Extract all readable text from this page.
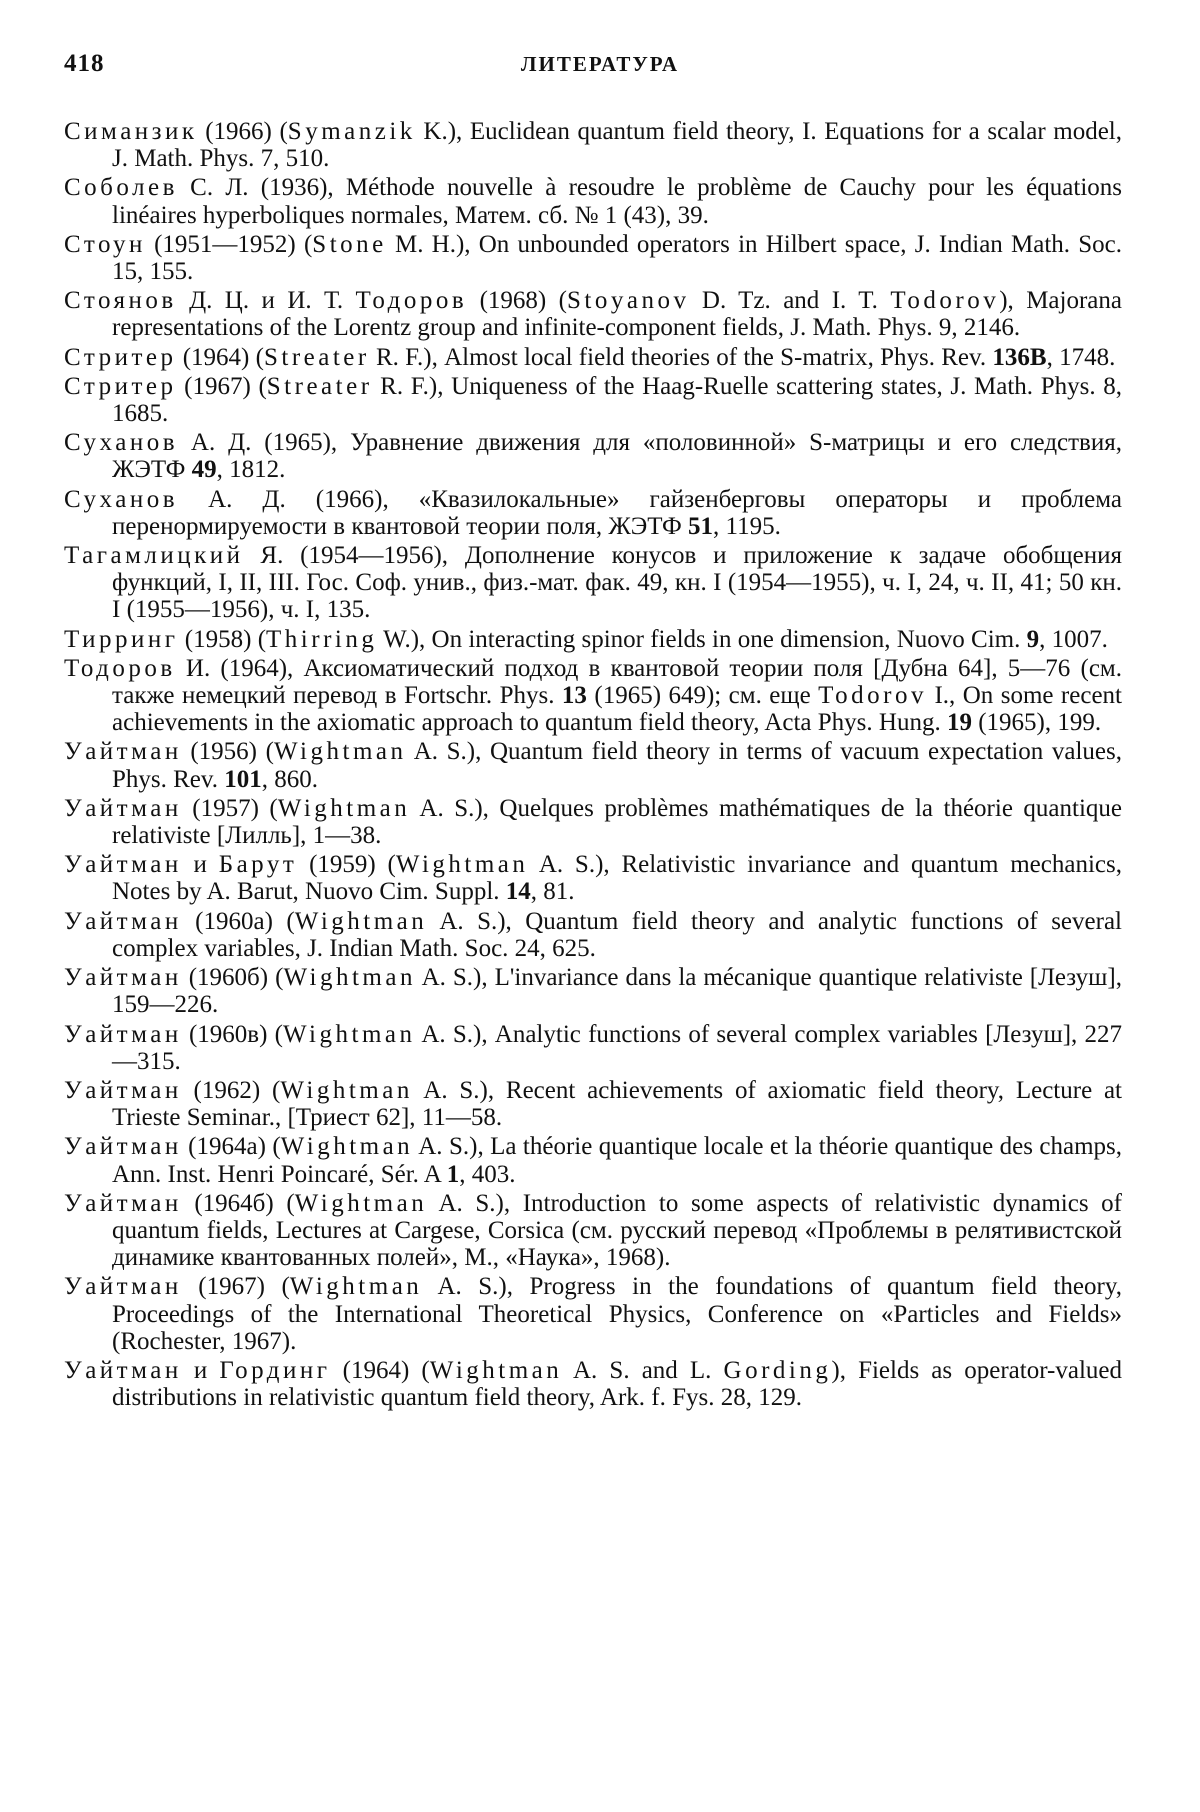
418	ЛИТЕРАТУРА

Симанзик (1966) (Symanzik K.), Euclidean quantum field theory, I. Equations for a scalar model, J. Math. Phys. 7, 510.

Соболев С. Л. (1936), Méthode nouvelle à resoudre le problème de Cauchy pour les équations linéaires hyperboliques normales, Матем. сб. № 1 (43), 39.

Стоун (1951—1952) (Stone M. H.), On unbounded operators in Hilbert space, J. Indian Math. Soc. 15, 155.

Стоянов Д. Ц. и И. Т. Тодоров (1968) (Stoyanov D. Tz. and I. T. Todorov), Majorana representations of the Lorentz group and infinite-component fields, J. Math. Phys. 9, 2146.

Стритер (1964) (Streater R. F.), Almost local field theories of the S-matrix, Phys. Rev. 136B, 1748.

Стритер (1967) (Streater R. F.), Uniqueness of the Haag-Ruelle scattering states, J. Math. Phys. 8, 1685.

Суханов А. Д. (1965), Уравнение движения для «половинной» S-матрицы и его следствия, ЖЭТФ 49, 1812.

Суханов А. Д. (1966), «Квазилокальные» гайзенберговы операторы и проблема перенормируемости в квантовой теории поля, ЖЭТФ 51, 1195.

Тагамлицкий Я. (1954—1956), Дополнение конусов и приложение к задаче обобщения функций, I, II, III. Гос. Соф. унив., физ.-мат. фак. 49, кн. I (1954—1955), ч. I, 24, ч. II, 41; 50 кн. I (1955—1956), ч. I, 135.

Тирринг (1958) (Thirring W.), On interacting spinor fields in one dimension, Nuovo Cim. 9, 1007.

Тодоров И. (1964), Аксиоматический подход в квантовой теории поля [Дубна 64], 5—76 (см. также немецкий перевод в Fortschr. Phys. 13 (1965) 649); см. еще Todorov I., On some recent achievements in the axiomatic approach to quantum field theory, Acta Phys. Hung. 19 (1965), 199.

Уайтман (1956) (Wightman A. S.), Quantum field theory in terms of vacuum expectation values, Phys. Rev. 101, 860.

Уайтман (1957) (Wightman A. S.), Quelques problèmes mathématiques de la théorie quantique relativiste [Лилль], 1—38.

Уайтман и Барут (1959) (Wightman A. S.), Relativistic invariance and quantum mechanics, Notes by A. Barut, Nuovo Cim. Suppl. 14, 81.

Уайтман (1960а) (Wightman A. S.), Quantum field theory and analytic functions of several complex variables, J. Indian Math. Soc. 24, 625.

Уайтман (1960б) (Wightman A. S.), L'invariance dans la mécanique quantique relativiste [Лезуш], 159—226.

Уайтман (1960в) (Wightman A. S.), Analytic functions of several complex variables [Лезуш], 227—315.

Уайтман (1962) (Wightman A. S.), Recent achievements of axiomatic field theory, Lecture at Trieste Seminar., [Триест 62], 11—58.

Уайтман (1964а) (Wightman A. S.), La théorie quantique locale et la théorie quantique des champs, Ann. Inst. Henri Poincaré, Sér. A 1, 403.

Уайтман (1964б) (Wightman A. S.), Introduction to some aspects of relativistic dynamics of quantum fields, Lectures at Cargese, Corsica (см. русский перевод «Проблемы в релятивистской динамике квантованных полей», М., «Наука», 1968).

Уайтман (1967) (Wightman A. S.), Progress in the foundations of quantum field theory, Proceedings of the International Theoretical Physics, Conference on «Particles and Fields» (Rochester, 1967).

Уайтман и Гординг (1964) (Wightman A. S. and L. Gording), Fields as operator-valued distributions in relativistic quantum field theory, Ark. f. Fys. 28, 129.
